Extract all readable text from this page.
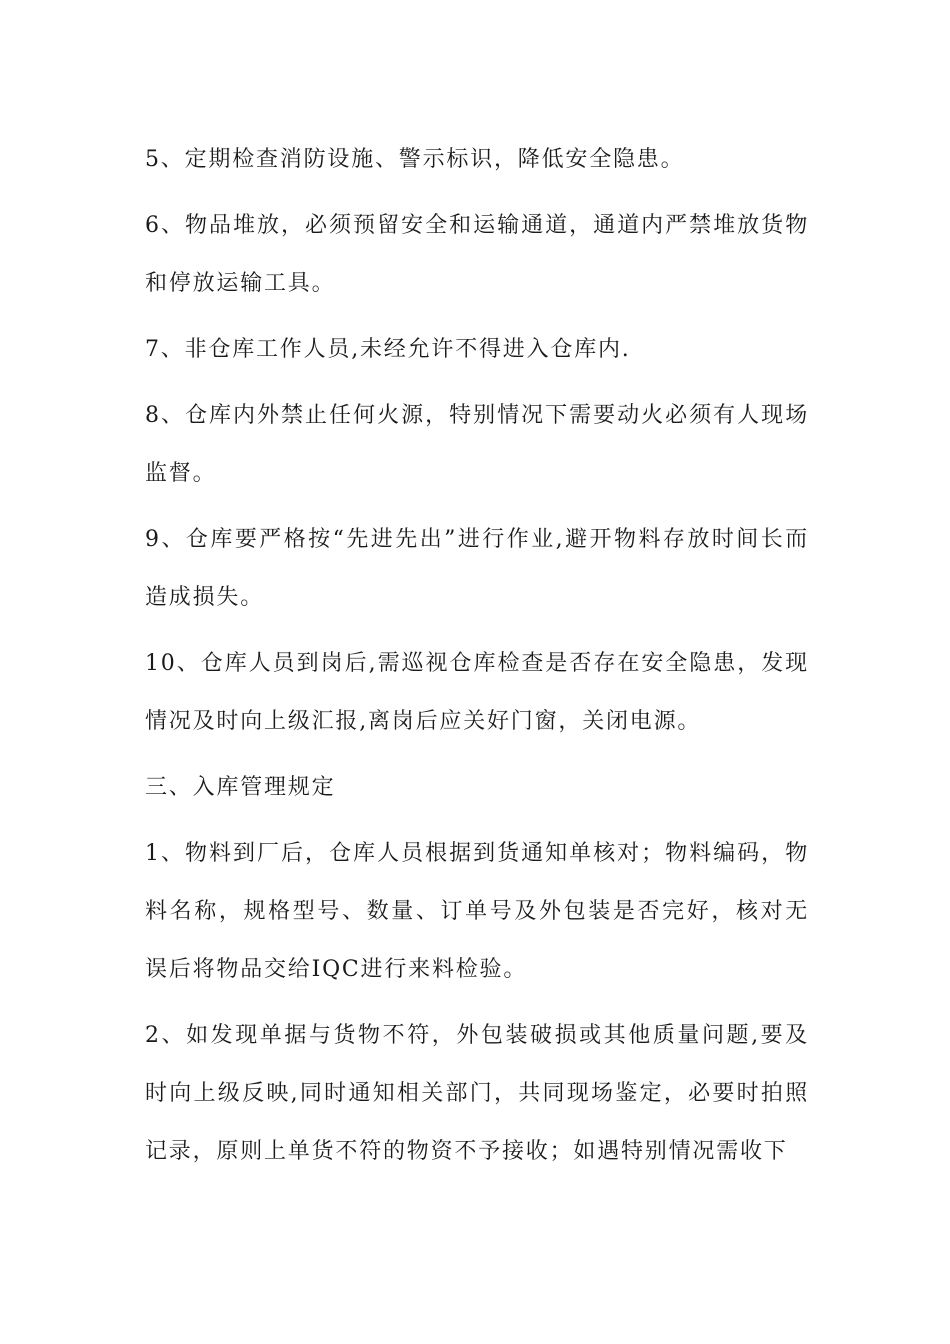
5、定期检查消防设施、警示标识，降低安全隐患。

6、物品堆放，必须预留安全和运输通道，通道内严禁堆放货物和停放运输工具。

7、非仓库工作人员,未经允许不得进入仓库内.

8、仓库内外禁止任何火源，特别情况下需要动火必须有人现场监督。

9、仓库要严格按“先进先出”进行作业,避开物料存放时间长而造成损失。

10、仓库人员到岗后,需巡视仓库检查是否存在安全隐患，发现情况及时向上级汇报,离岗后应关好门窗，关闭电源。

三、入库管理规定

1、物料到厂后，仓库人员根据到货通知单核对；物料编码，物料名称，规格型号、数量、订单号及外包装是否完好，核对无误后将物品交给IQC进行来料检验。

2、如发现单据与货物不符，外包装破损或其他质量问题,要及时向上级反映,同时通知相关部门，共同现场鉴定，必要时拍照记录，原则上单货不符的物资不予接收；如遇特别情况需收下
